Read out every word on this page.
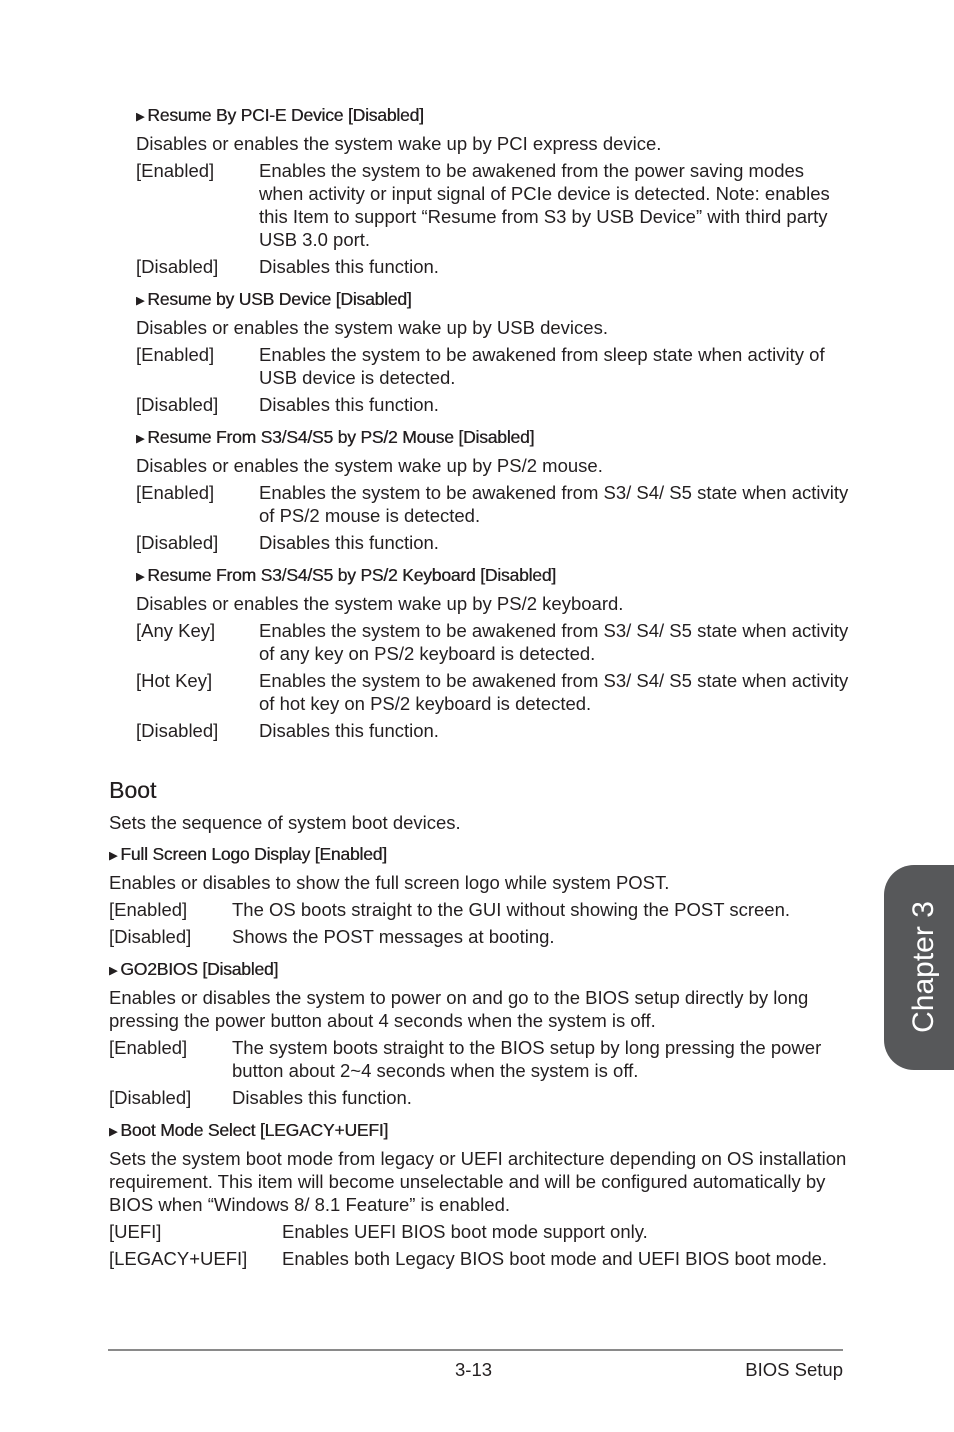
▶ Resume By PCI-E Device [Disabled]
Disables or enables the system wake up by PCI express device.
[Enabled]	Enables the system to be awakened from the power saving modes when activity or input signal of PCIe device is detected. Note: enables this Item to support “Resume from S3 by USB Device” with third party USB 3.0 port.
[Disabled]	Disables this function.
▶ Resume by USB Device [Disabled]
Disables or enables the system wake up by USB devices.
[Enabled]	Enables the system to be awakened from sleep state when activity of USB device is detected.
[Disabled]	Disables this function.
▶ Resume From S3/S4/S5 by PS/2 Mouse [Disabled]
Disables or enables the system wake up by PS/2 mouse.
[Enabled]	Enables the system to be awakened from S3/ S4/ S5 state when activity of PS/2 mouse is detected.
[Disabled]	Disables this function.
▶ Resume From S3/S4/S5 by PS/2 Keyboard [Disabled]
Disables or enables the system wake up by PS/2 keyboard.
[Any Key]	Enables the system to be awakened from S3/ S4/ S5 state when activity of any key on PS/2 keyboard is detected.
[Hot Key]	Enables the system to be awakened from S3/ S4/ S5 state when activity of hot key on PS/2 keyboard is detected.
[Disabled]	Disables this function.
Boot
Sets the sequence of system boot devices.
▶ Full Screen Logo Display [Enabled]
Enables or disables to show the full screen logo while system POST.
[Enabled]	The OS boots straight to the GUI without showing the POST screen.
[Disabled]	Shows the POST messages at booting.
▶ GO2BIOS [Disabled]
Enables or disables the system to power on and go to the BIOS setup directly by long pressing the power button about 4 seconds when the system is off.
[Enabled]	The system boots straight to the BIOS setup by long pressing the power button about 2~4 seconds when the system is off.
[Disabled]	Disables this function.
▶ Boot Mode Select [LEGACY+UEFI]
Sets the system boot mode from legacy or UEFI architecture depending on OS installation requirement. This item will become unselectable and will be configured automatically by BIOS when “Windows 8/ 8.1 Feature” is enabled.
[UEFI]	Enables UEFI BIOS boot mode support only.
[LEGACY+UEFI]	Enables both Legacy BIOS boot mode and UEFI BIOS boot mode.
3-13	BIOS Setup
Chapter 3
